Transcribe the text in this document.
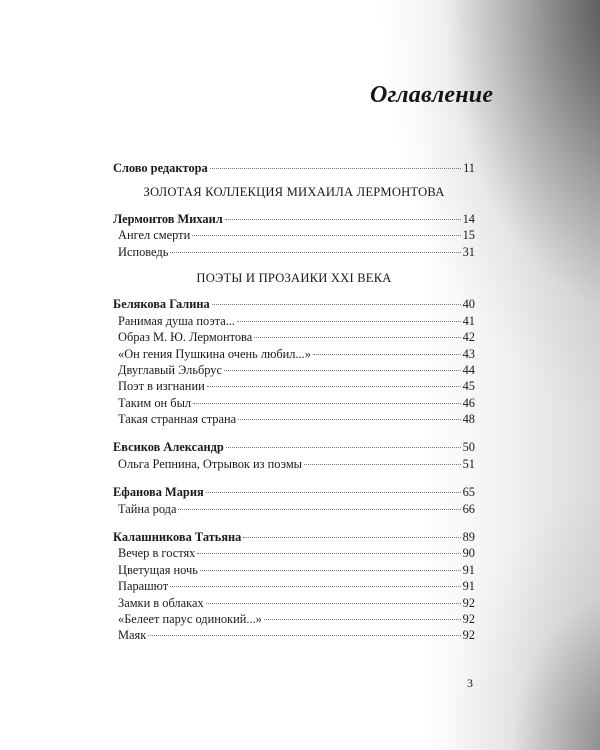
Оглавление
Слово редактора	11
ЗОЛОТАЯ КОЛЛЕКЦИЯ МИХАИЛА ЛЕРМОНТОВА
Лермонтов Михаил	14
Ангел смерти	15
Исповедь	31
ПОЭТЫ И ПРОЗАИКИ XXI ВЕКА
Белякова Галина	40
Ранимая душа поэта...	41
Образ М. Ю. Лермонтова	42
«Он гения Пушкина очень любил...»	43
Двуглавый Эльбрус	44
Поэт в изгнании	45
Таким он был	46
Такая странная страна	48
Евсиков Александр	50
Ольга Репнина, Отрывок из поэмы	51
Ефанова Мария	65
Тайна рода	66
Калашникова Татьяна	89
Вечер в гостях	90
Цветущая ночь	91
Парашют	91
Замки в облаках	92
«Белеет парус одинокий...»	92
Маяк	92
3
